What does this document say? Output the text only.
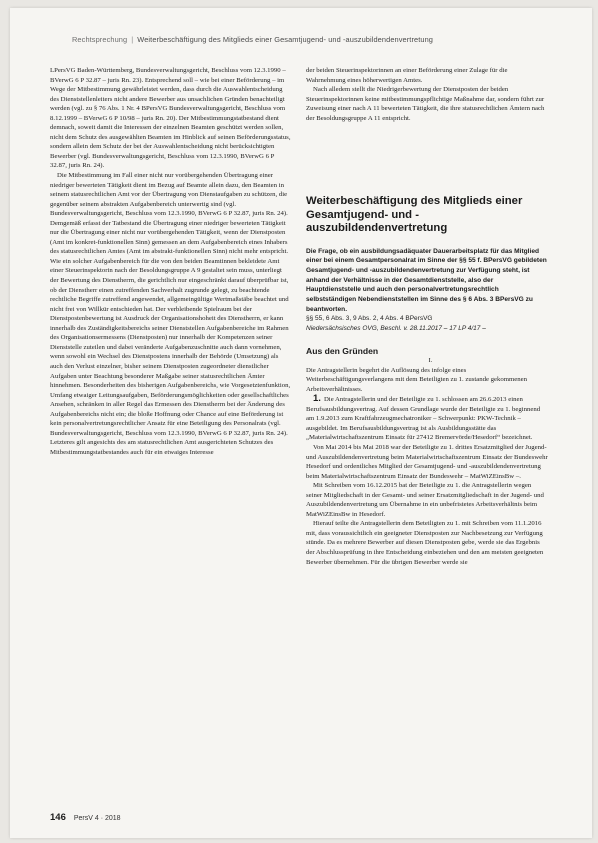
Rechtsprechung | Weiterbeschäftigung des Mitglieds einer Gesamtjugend- und -auszubildendenvertretung

LPersVG Baden-Württemberg, Bundesverwaltungsgericht, Beschluss vom 12.3.1990 – BVerwG 6 P 32.87 – juris Rn. 23). Entsprechend soll – wie bei einer Beförderung – im Wege der Mitbestimmung gewährleistet werden, dass durch die Auswahlentscheidung des Dienststellenleiters nicht andere Bewerber aus unsachlichen Gründen benachteiligt werden (vgl. zu § 76 Abs. 1 Nr. 4 BPersVG Bundesverwaltungsgericht, Beschluss vom 8.12.1999 – BVerwG 6 P 10/98 – juris Rn. 20). Der Mitbestimmungstatbestand dient demnach, soweit damit die Interessen der einzelnen Beamten geschützt werden sollen, nicht dem Schutz des ausgewählten Beamten im Hinblick auf seinen Beförderungsstatus, sondern allein dem Schutz der bei der Auswahlentscheidung nicht berücksichtigten Bewerber (vgl. Bundesverwaltungsgericht, Beschluss vom 12.3.1990, BVerwG 6 P 32.87, juris Rn. 24).

Die Mitbestimmung im Fall einer nicht nur vorübergehenden Übertragung einer niedriger bewerteten Tätigkeit dient im Bezug auf Beamte allein dazu, den Beamten in seinem statusrechtlichen Amt vor der Übertragung von Dienstaufgaben zu schützen, die gegenüber seinem abstrakten Aufgabenbereich unterwertig sind (vgl. Bundesverwaltungsgericht, Beschluss vom 12.3.1990, BVerwG 6 P 32.87, juris Rn. 24). Demgemäß erfasst der Tatbestand die Übertragung einer niedriger bewerteten Tätigkeit nur die Übertragung einer nicht nur vorübergehenden Tätigkeit, wenn der Dienstposten (Amt im konkret-funktionellen Sinn) gemessen an dem Aufgabenbereich eines Inhabers des statusrechtlichen Amtes (Amt im abstrakt-funktionellen Sinn) nicht mehr entspricht. Wie ein solcher Aufgabenbereich für die von den beiden Beamtinnen bekleidete Amt einer Steuerinspektorin nach der Besoldungsgruppe A 9 gestaltet sein muss, unterliegt der Bewertung des Dienstherrn, die gerichtlich nur eingeschränkt darauf überprüfbar ist, ob der Dienstherr einen zutreffenden Sachverhalt zugrunde gelegt, zu beachtende rechtliche Begriffe zutreffend angewendet, allgemeingültige Wertmaßstäbe beachtet und nicht frei von Willkür entschieden hat. Der verbleibende Spielraum bei der Dienstpostenbewertung ist Ausdruck der Organisationshoheit des Dienstherrn, er kann innerhalb des Zuständigkeitsbereichs seiner Dienststellen Aufgabenbereiche im Rahmen des Organisationsermessens (Dienstposten) nur innerhalb der Kompetenzen seiner Dienststelle zuteilen und dabei veränderte Aufgabenzuschnitte auch dann vornehmen, wenn sowohl ein Wechsel des Dienstpostens innerhalb der Behörde (Umsetzung) als auch den Verlust einzelner, bisher seinem Dienstposten zugeordneter dienstlicher Aufgaben unter Beachtung besonderer Maßgabe seiner statusrechtlichen Ämter hinnehmen. Besonderheiten des bisherigen Aufgabenbereichs, wie Vorgesetztenfunktion, Umfang etwaiger Leitungsaufgaben, Beförderungsmöglichkeiten oder gesellschaftliches Ansehen, schränken in aller Regel das Ermessen des Dienstherrn bei der Änderung des Aufgabenbereichs nicht ein; die bloße Hoffnung oder Chance auf eine Beförderung ist kein personalvertretungsrechtlicher Ansatz für eine Beteiligung des Personalrats (vgl. Bundesverwaltungsgericht, Beschluss vom 12.3.1990, BVerwG 6 P 32.87, juris Rn. 24). Letzteres gilt angesichts des am statusrechtlichen Amt ausgerichteten Schutzes des Mitbestimmungstatbestandes auch für ein etwaiges Interesse

der beiden Steuerinspektorinnen an einer Beförderung einer Zulage für die Wahrnehmung eines höherwertigen Amtes.

Nach alledem stellt die Niedrigerbewertung der Dienstposten der beiden Steuerinspektorinnen keine mitbestimmungspflichtige Maßnahme dar, sondern führt zur Zuweisung einer nach A 11 bewerteten Tätigkeit, die ihre statusrechtlichen Ämtern nach der Besoldungsgruppe A 11 entspricht.

Weiterbeschäftigung des Mitglieds einer Gesamtjugend- und -auszubildendenvertretung

Die Frage, ob ein ausbildungsadäquater Dauerarbeitsplatz für das Mitglied einer bei einem Gesamtpersonalrat im Sinne der §§ 55 f. BPersVG gebildeten Gesamtjugend- und -auszubildendenvertretung zur Verfügung steht, ist anhand der Verhältnisse in der Gesamtdienststelle, also der Hauptdienststelle und auch den personalvertretungsrechtlich selbstständigen Nebendienststellen im Sinne des § 6 Abs. 3 BPersVG zu beantworten.

§§ 55, 6 Abs. 3, 9 Abs. 2, 4 Abs. 4 BPersVG

Niedersächsisches OVG, Beschl. v. 28.11.2017 – 17 LP 4/17 –

Aus den Gründen

I.

Die Antragstellerin begehrt die Auflösung des infolge eines Weiterbeschäftigungsverlangens mit dem Beteiligten zu 1. zustande gekommenen Arbeitsverhältnisses.

1. Die Antragstellerin und der Beteiligte zu 1. schlossen am 26.6.2013 einen Berufsausbildungsvertrag. Auf dessen Grundlage wurde der Beteiligte zu 1. beginnend am 1.9.2013 zum Kraftfahrzeugmechatroniker – Schwerpunkt: PKW-Technik – ausgebildet. Im Berufsausbildungsvertrag ist als Ausbildungsstätte das „Materialwirtschaftszentrum Einsatz für 27412 Bremervörde/Hesedorf“ bezeichnet.

Von Mai 2014 bis Mai 2018 war der Beteiligte zu 1. drittes Ersatzmitglied der Jugend- und Auszubildendenvertretung beim Materialwirtschaftszentrum Einsatz der Bundeswehr Hesedorf und ordentliches Mitglied der Gesamtjugend- und -auszubildendenvertretung beim Materialwirtschaftszentrum Einsatz der Bundeswehr – MatWiZEinsBw –.

Mit Schreiben vom 16.12.2015 bat der Beteiligte zu 1. die Antragstellerin wegen seiner Mitgliedschaft in der Gesamt- und seiner Ersatzmitgliedschaft in der Jugend- und Auszubildendenvertretung um Übernahme in ein unbefristetes Arbeitsverhältnis beim MatWiZEinsBw in Hesedorf.

Hierauf teilte die Antragstellerin dem Beteiligten zu 1. mit Schreiben vom 11.1.2016 mit, dass voraussichtlich ein geeigneter Dienstposten zur Nachbesetzung zur Verfügung stünde. Da es mehrere Bewerber auf diesen Dienstposten gebe, werde sie das Ergebnis der Abschlussprüfung in ihre Entscheidung einbeziehen und den am meisten geeigneten Bewerber übernehmen. Für die übrigen Bewerber werde sie

146 PersV 4 · 2018
